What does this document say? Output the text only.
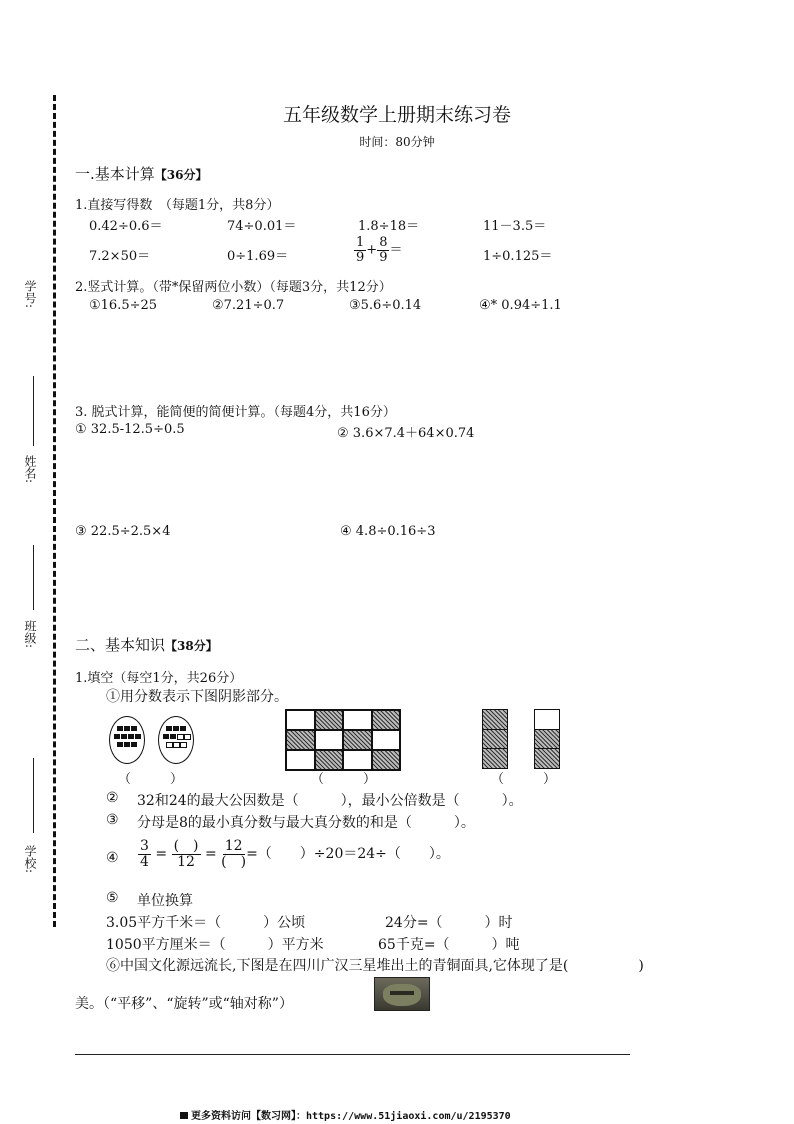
学号:
姓名:
班级:
学校:
五年级数学上册期末练习卷
时间：80分钟
一.基本计算【36分】
1.直接写得数　（每题1分，共8分）
0.42÷0.6＝	74÷0.01＝	1.8÷18＝	11－3.5＝
7.2×50＝	0÷1.69＝	$\frac{1}{9} + \frac{8}{9}$ ＝	1÷0.125＝
2.竖式计算。（带*保留两位小数）（每题3分，共12分）
①16.5÷25	②7.21÷0.7	③5.6÷0.14	④* 0.94÷1.1
3. 脱式计算，能简便的简便计算。（每题4分，共16分）
① 32.5-12.5÷0.5	② 3.6×7.4＋64×0.74
③ 22.5÷2.5×4	④ 4.8÷0.16÷3
二、基本知识【38分】
1.填空（每空1分，共26分）
①用分数表示下图阴影部分。
（　　　）	（　　　）	（　　　）
② 32和24的最大公因数是（　　　），最小公倍数是（　　　）。
③ 分母是8的最小真分数与最大真分数的和是（　　　）。
④ $\frac{3}{4} = \frac{( )}{12} = \frac{12}{( )}$ =（　　）÷20＝24÷（　　）。
⑤ 单位换算
3.05平方千米＝（　　　）公顷	24分=（　　　）时
1050平方厘米＝（　　　）平方米	65千克=（　　　）吨
⑥中国文化源远流长,下图是在四川广汉三星堆出土的青铜面具,它体现了是(　　　　　)
美。（“平移”、“旋转”或“轴对称”）
更多资料访问【数习网】：https://www.51jiaoxi.com/u/2195370
